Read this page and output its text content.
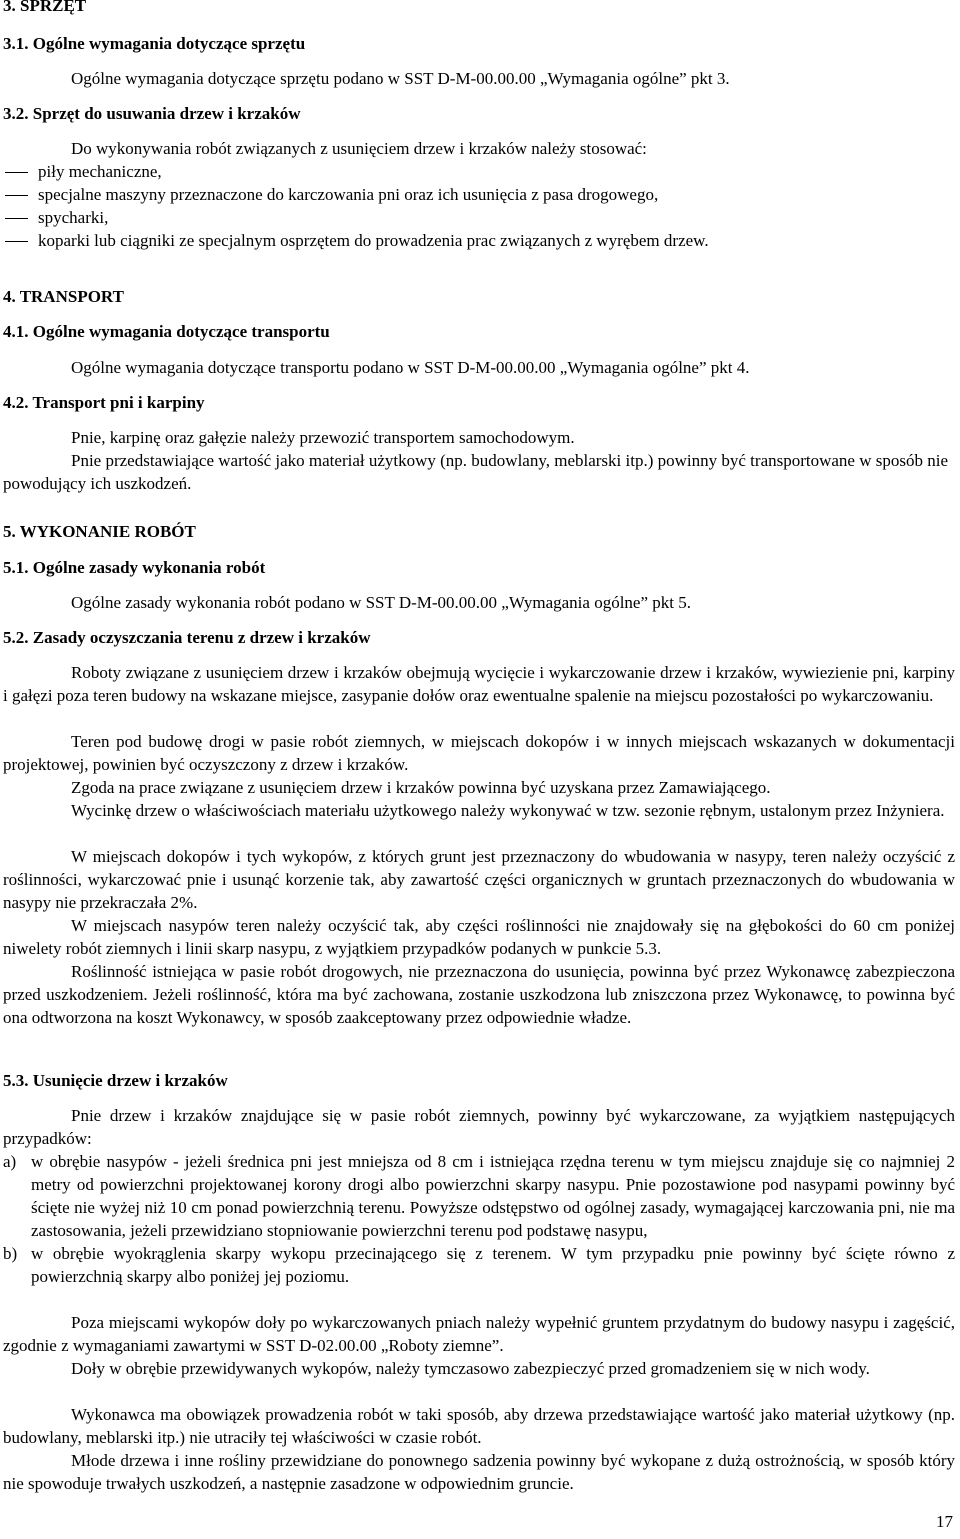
3. SPRZĘT
3.1. Ogólne wymagania dotyczące sprzętu
Ogólne wymagania dotyczące sprzętu podano w SST D-M-00.00.00 „Wymagania ogólne” pkt 3.
3.2. Sprzęt do usuwania drzew i krzaków
Do wykonywania robót związanych z usunięciem drzew i krzaków należy stosować:
piły mechaniczne,
specjalne maszyny przeznaczone do karczowania pni oraz ich usunięcia z pasa drogowego,
spycharki,
koparki lub ciągniki ze specjalnym osprzętem do prowadzenia prac związanych z wyrębem drzew.
4. TRANSPORT
4.1. Ogólne wymagania dotyczące transportu
Ogólne wymagania dotyczące transportu podano w SST D-M-00.00.00 „Wymagania ogólne” pkt 4.
4.2. Transport pni i karpiny
Pnie, karpinę oraz gałęzie należy przewozić transportem samochodowym.
Pnie przedstawiające wartość jako materiał użytkowy (np. budowlany, meblarski itp.) powinny być transportowane w sposób nie powodujący ich uszkodzeń.
5. WYKONANIE ROBÓT
5.1. Ogólne zasady wykonania robót
Ogólne zasady wykonania robót podano w SST D-M-00.00.00 „Wymagania ogólne” pkt 5.
5.2. Zasady oczyszczania terenu z drzew i krzaków
Roboty związane z usunięciem drzew i krzaków obejmują wycięcie i wykarczowanie drzew i krzaków, wywiezienie pni, karpiny i gałęzi poza teren budowy na wskazane miejsce, zasypanie dołów oraz ewentualne spalenie na miejscu pozostałości po wykarczowaniu.
Teren pod budowę drogi w pasie robót ziemnych, w miejscach dokopów i w innych miejscach wskazanych w dokumentacji projektowej, powinien być oczyszczony z drzew i krzaków.
Zgoda na prace związane z usunięciem drzew i krzaków powinna być uzyskana przez Zamawiającego.
Wycinkę drzew o właściwościach materiału użytkowego należy wykonywać w tzw. sezonie rębnym, ustalonym przez Inżyniera.
W miejscach dokopów i tych wykopów, z których grunt jest przeznaczony do wbudowania w nasypy, teren należy oczyścić z roślinności, wykarczować pnie i usunąć korzenie tak, aby zawartość części organicznych w gruntach przeznaczonych do wbudowania w nasypy nie przekraczała 2%.
W miejscach nasypów teren należy oczyścić tak, aby części roślinności nie znajdowały się na głębokości do 60 cm poniżej niwelety robót ziemnych i linii skarp nasypu, z wyjątkiem przypadków podanych w punkcie 5.3.
Roślinność istniejąca w pasie robót drogowych, nie przeznaczona do usunięcia, powinna być przez Wykonawcę zabezpieczona przed uszkodzeniem. Jeżeli roślinność, która ma być zachowana, zostanie uszkodzona lub zniszczona przez Wykonawcę, to powinna być ona odtworzona na koszt Wykonawcy, w sposób zaakceptowany przez odpowiednie władze.
5.3. Usunięcie drzew i krzaków
Pnie drzew i krzaków znajdujące się w pasie robót ziemnych, powinny być wykarczowane, za wyjątkiem następujących przypadków:
a) w obrębie nasypów - jeżeli średnica pni jest mniejsza od 8 cm i istniejąca rzędna terenu w tym miejscu znajduje się co najmniej 2 metry od powierzchni projektowanej korony drogi albo powierzchni skarpy nasypu. Pnie pozostawione pod nasypami powinny być ścięte nie wyżej niż 10 cm ponad powierzchnią terenu. Powyższe odstępstwo od ogólnej zasady, wymagającej karczowania pni, nie ma zastosowania, jeżeli przewidziano stopniowanie powierzchni terenu pod podstawę nasypu,
b) w obrębie wyokrąglenia skarpy wykopu przecinającego się z terenem. W tym przypadku pnie powinny być ścięte równo z powierzchnią skarpy albo poniżej jej poziomu.
Poza miejscami wykopów doły po wykarczowanych pniach należy wypełnić gruntem przydatnym do budowy nasypu i zagęścić, zgodnie z wymaganiami zawartymi w SST D-02.00.00 „Roboty ziemne”.
Doły w obrębie przewidywanych wykopów, należy tymczasowo zabezpieczyć przed gromadzeniem się w nich wody.
Wykonawca ma obowiązek prowadzenia robót w taki sposób, aby drzewa przedstawiające wartość jako materiał użytkowy (np. budowlany, meblarski itp.) nie utraciły tej właściwości w czasie robót.
Młode drzewa i inne rośliny przewidziane do ponownego sadzenia powinny być wykopane z dużą ostrożnością, w sposób który nie spowoduje trwałych uszkodzeń, a następnie zasadzone w odpowiednim gruncie.
17
